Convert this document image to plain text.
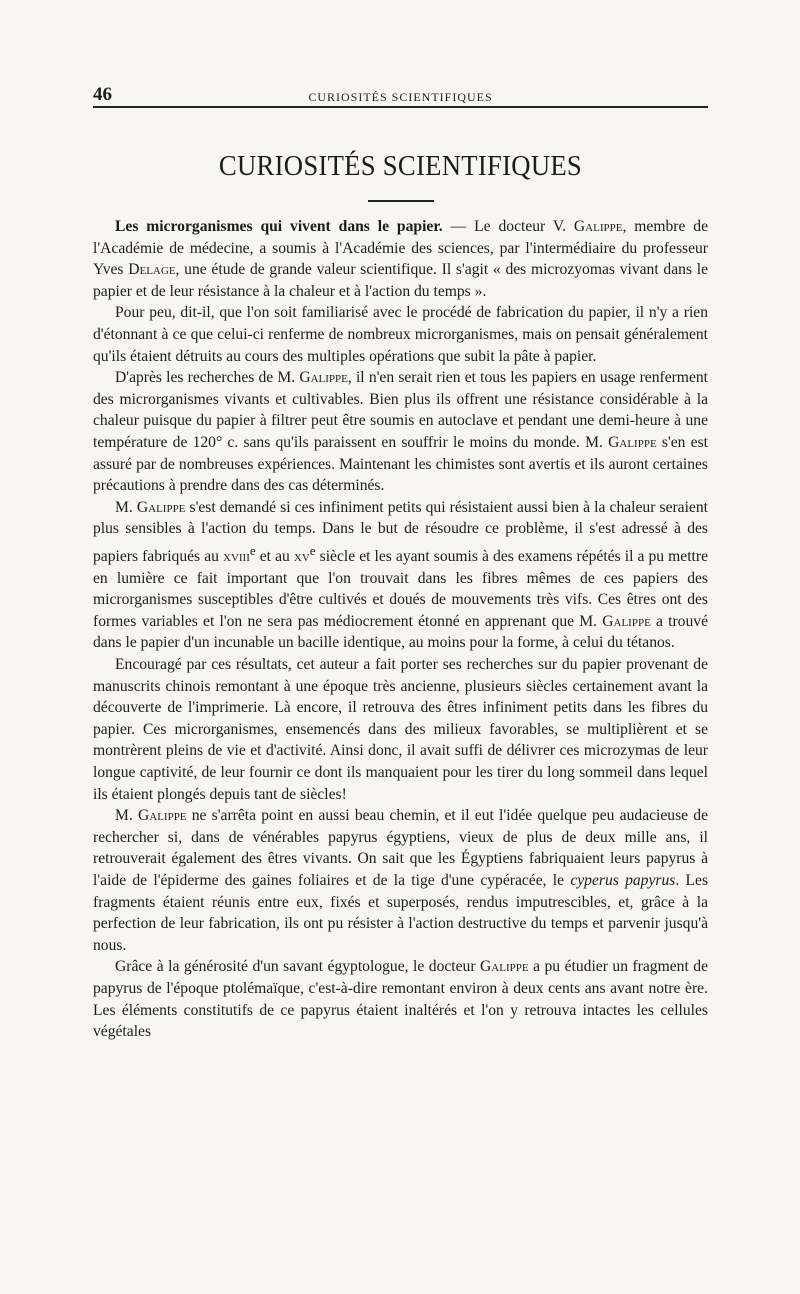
46	CURIOSITÉS SCIENTIFIQUES
CURIOSITÉS SCIENTIFIQUES

Les microrganismes qui vivent dans le papier. — Le docteur V. Galippe, membre de l'Académie de médecine, a soumis à l'Académie des sciences, par l'intermédiaire du professeur Yves Delage, une étude de grande valeur scientifique. Il s'agit « des microzyomas vivant dans le papier et de leur résistance à la chaleur et à l'action du temps ».

Pour peu, dit-il, que l'on soit familiarisé avec le procédé de fabrication du papier, il n'y a rien d'étonnant à ce que celui-ci renferme de nombreux microrganismes, mais on pensait généralement qu'ils étaient détruits au cours des multiples opérations que subit la pâte à papier.

D'après les recherches de M. Galippe, il n'en serait rien et tous les papiers en usage renferment des microrganismes vivants et cultivables. Bien plus ils offrent une résistance considérable à la chaleur puisque du papier à filtrer peut être soumis en autoclave et pendant une demi-heure à une température de 120° c. sans qu'ils paraissent en souffrir le moins du monde. M. Galippe s'en est assuré par de nombreuses expériences. Maintenant les chimistes sont avertis et ils auront certaines précautions à prendre dans des cas déterminés.

M. Galippe s'est demandé si ces infiniment petits qui résistaient aussi bien à la chaleur seraient plus sensibles à l'action du temps. Dans le but de résoudre ce problème, il s'est adressé à des papiers fabriqués au xviii$^e$ et au $xv^e$ siècle et les ayant soumis à des examens répétés il a pu mettre en lumière ce fait important que l'on trouvait dans les fibres mêmes de ces papiers des microrganismes susceptibles d'être cultivés et doués de mouvements très vifs. Ces êtres ont des formes variables et l'on ne sera pas médiocrement étonné en apprenant que M. Galippe a trouvé dans le papier d'un incunable un bacille identique, au moins pour la forme, à celui du tétanos.

Encouragé par ces résultats, cet auteur a fait porter ses recherches sur du papier provenant de manuscrits chinois remontant à une époque très ancienne, plusieurs siècles certainement avant la découverte de l'imprimerie. Là encore, il retrouva des êtres infiniment petits dans les fibres du papier. Ces microrganismes, ensemencés dans des milieux favorables, se multiplièrent et se montrèrent pleins de vie et d'activité. Ainsi donc, il avait suffi de délivrer ces microzymas de leur longue captivité, de leur fournir ce dont ils manquaient pour les tirer du long sommeil dans lequel ils étaient plongés depuis tant de siècles!

M. Galippe ne s'arrêta point en aussi beau chemin, et il eut l'idée quelque peu audacieuse de rechercher si, dans de vénérables papyrus égyptiens, vieux de plus de deux mille ans, il retrouverait également des êtres vivants. On sait que les Égyptiens fabriquaient leurs papyrus à l'aide de l'épiderme des gaines foliaires et de la tige d'une cypéracée, le cyperus papyrus. Les fragments étaient réunis entre eux, fixés et superposés, rendus imputrescibles, et, grâce à la perfection de leur fabrication, ils ont pu résister à l'action destructive du temps et parvenir jusqu'à nous.

Grâce à la générosité d'un savant égyptologue, le docteur Galippe a pu étudier un fragment de papyrus de l'époque ptolémaïque, c'est-à-dire remontant environ à deux cents ans avant notre ère. Les éléments constitutifs de ce papyrus étaient inaltérés et l'on y retrouva intactes les cellules végétales
